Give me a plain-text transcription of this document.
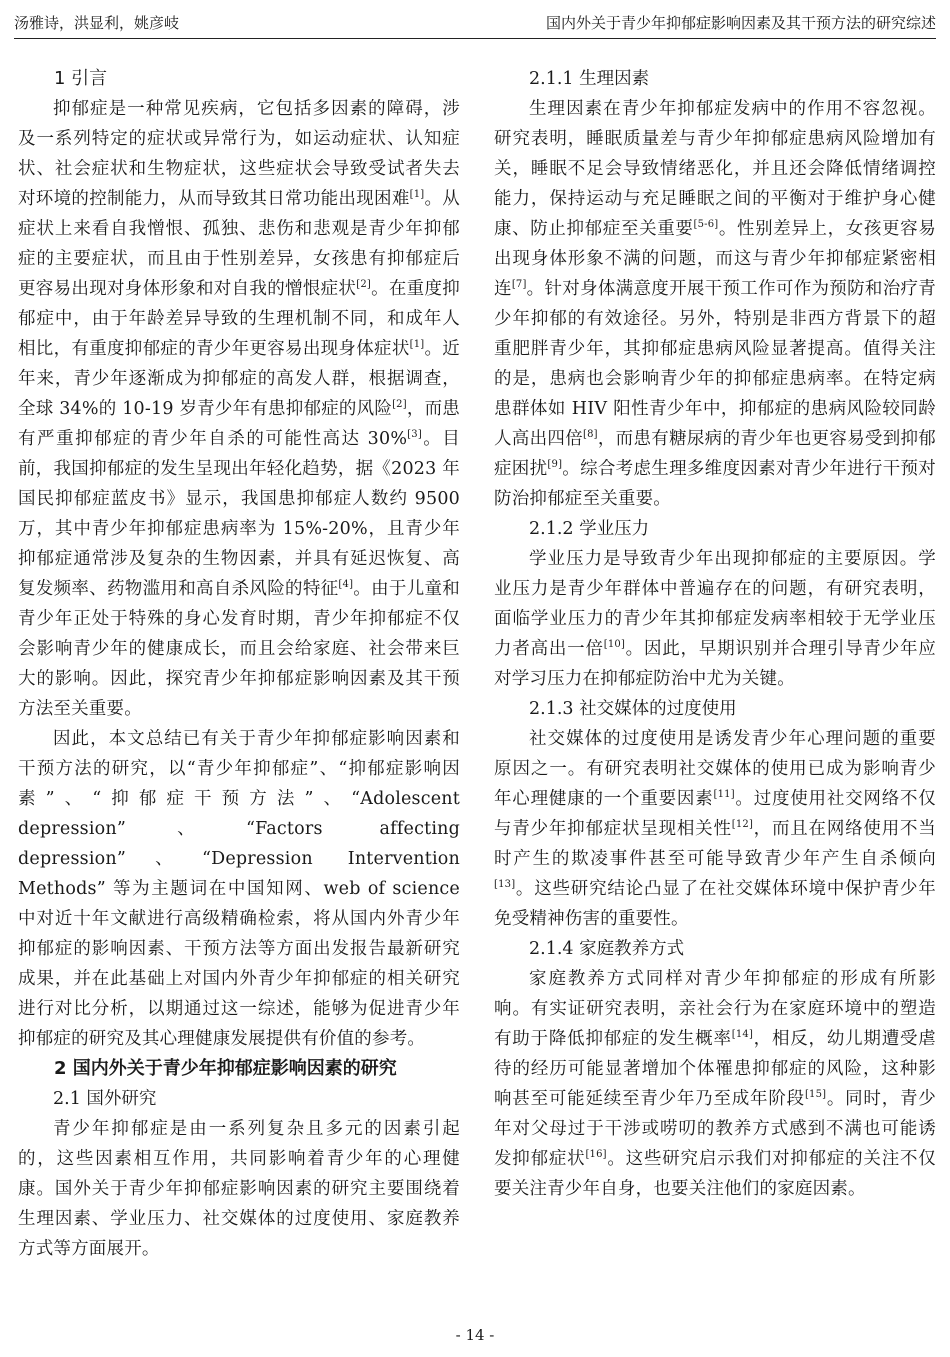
汤雅诗，洪显利，姚彦岐	国内外关于青少年抑郁症影响因素及其干预方法的研究综述

1 引言

抑郁症是一种常见疾病，它包括多因素的障碍，涉及一系列特定的症状或异常行为，如运动症状、认知症状、社会症状和生物症状，这些症状会导致受试者失去对环境的控制能力，从而导致其日常功能出现困难[1]。从症状上来看自我憎恨、孤独、悲伤和悲观是青少年抑郁症的主要症状，而且由于性别差异，女孩患有抑郁症后更容易出现对身体形象和对自我的憎恨症状[2]。在重度抑郁症中，由于年龄差异导致的生理机制不同，和成年人相比，有重度抑郁症的青少年更容易出现身体症状[1]。近年来，青少年逐渐成为抑郁症的高发人群，根据调查，全球 34%的 10-19 岁青少年有患抑郁症的风险[2]，而患有严重抑郁症的青少年自杀的可能性高达 30%[3]。目前，我国抑郁症的发生呈现出年轻化趋势，据《2023 年国民抑郁症蓝皮书》显示，我国患抑郁症人数约 9500 万，其中青少年抑郁症患病率为 15%-20%，且青少年抑郁症通常涉及复杂的生物因素，并具有延迟恢复、高复发频率、药物滥用和高自杀风险的特征[4]。由于儿童和青少年正处于特殊的身心发育时期，青少年抑郁症不仅会影响青少年的健康成长，而且会给家庭、社会带来巨大的影响。因此，探究青少年抑郁症影响因素及其干预方法至关重要。

因此，本文总结已有关于青少年抑郁症影响因素和干预方法的研究，以“青少年抑郁症”、“抑郁症影响因素”、“抑郁症干预方法”、“Adolescent depression”、“Factors affecting depression”、“Depression Intervention Methods” 等为主题词在中国知网、web of science 中对近十年文献进行高级精确检索，将从国内外青少年抑郁症的影响因素、干预方法等方面出发报告最新研究成果，并在此基础上对国内外青少年抑郁症的相关研究进行对比分析，以期通过这一综述，能够为促进青少年抑郁症的研究及其心理健康发展提供有价值的参考。

2 国内外关于青少年抑郁症影响因素的研究

2.1 国外研究

青少年抑郁症是由一系列复杂且多元的因素引起的，这些因素相互作用，共同影响着青少年的心理健康。国外关于青少年抑郁症影响因素的研究主要围绕着生理因素、学业压力、社交媒体的过度使用、家庭教养方式等方面展开。

2.1.1 生理因素

生理因素在青少年抑郁症发病中的作用不容忽视。研究表明，睡眠质量差与青少年抑郁症患病风险增加有关，睡眠不足会导致情绪恶化，并且还会降低情绪调控能力，保持运动与充足睡眠之间的平衡对于维护身心健康、防止抑郁症至关重要[5-6]。性别差异上，女孩更容易出现身体形象不满的问题，而这与青少年抑郁症紧密相连[7]。针对身体满意度开展干预工作可作为预防和治疗青少年抑郁的有效途径。另外，特别是非西方背景下的超重肥胖青少年，其抑郁症患病风险显著提高。值得关注的是，患病也会影响青少年的抑郁症患病率。在特定病患群体如 HIV 阳性青少年中，抑郁症的患病风险较同龄人高出四倍[8]，而患有糖尿病的青少年也更容易受到抑郁症困扰[9]。综合考虑生理多维度因素对青少年进行干预对防治抑郁症至关重要。

2.1.2 学业压力

学业压力是导致青少年出现抑郁症的主要原因。学业压力是青少年群体中普遍存在的问题，有研究表明，面临学业压力的青少年其抑郁症发病率相较于无学业压力者高出一倍[10]。因此，早期识别并合理引导青少年应对学习压力在抑郁症防治中尤为关键。

2.1.3 社交媒体的过度使用

社交媒体的过度使用是诱发青少年心理问题的重要原因之一。有研究表明社交媒体的使用已成为影响青少年心理健康的一个重要因素[11]。过度使用社交网络不仅与青少年抑郁症状呈现相关性[12]，而且在网络使用不当时产生的欺凌事件甚至可能导致青少年产生自杀倾向[13]。这些研究结论凸显了在社交媒体环境中保护青少年免受精神伤害的重要性。

2.1.4 家庭教养方式

家庭教养方式同样对青少年抑郁症的形成有所影响。有实证研究表明，亲社会行为在家庭环境中的塑造有助于降低抑郁症的发生概率[14]，相反，幼儿期遭受虐待的经历可能显著增加个体罹患抑郁症的风险，这种影响甚至可能延续至青少年乃至成年阶段[15]。同时，青少年对父母过于干涉或唠叨的教养方式感到不满也可能诱发抑郁症状[16]。这些研究启示我们对抑郁症的关注不仅要关注青少年自身，也要关注他们的家庭因素。

- 14 -
